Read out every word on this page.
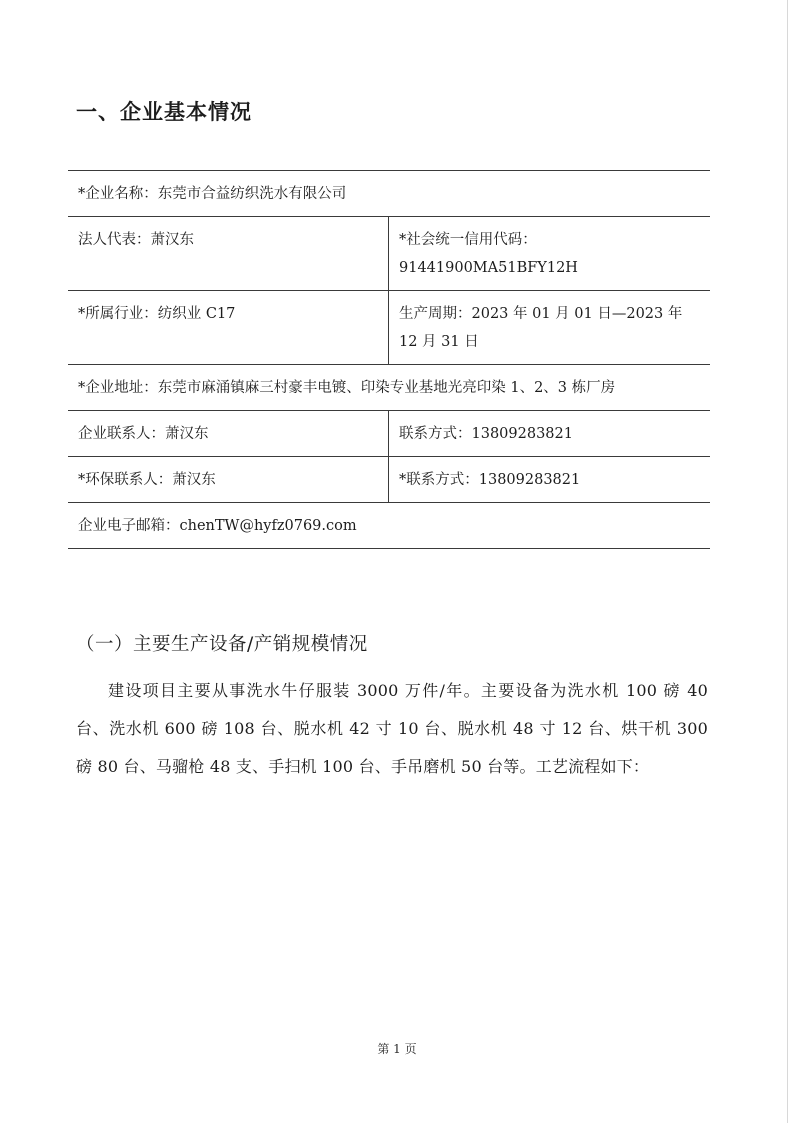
一、企业基本情况
*企业名称：东莞市合益纺织洗水有限公司	
法人代表：萧汉东	*社会统一信用代码：
91441900MA51BFY12H

*所属行业：纺织业 C17	生产周期：2023 年 01 月 01 日—2023 年 12 月 31 日
*企业地址：东莞市麻涌镇麻三村豪丰电镀、印染专业基地光亮印染 1、2、3 栋厂房	
企业联系人：萧汉东	联系方式：13809283821
*环保联系人：萧汉东	*联系方式：13809283821
企业电子邮箱：chenTW@hyfz0769.com	
（一）主要生产设备/产销规模情况

建设项目主要从事洗水牛仔服装 3000 万件/年。主要设备为洗水机 100 磅 40 台、洗水机 600 磅 108 台、脱水机 42 寸 10 台、脱水机 48 寸 12 台、烘干机 300 磅 80 台、马骝枪 48 支、手扫机 100 台、手吊磨机 50 台等。工艺流程如下：

第 1 页
